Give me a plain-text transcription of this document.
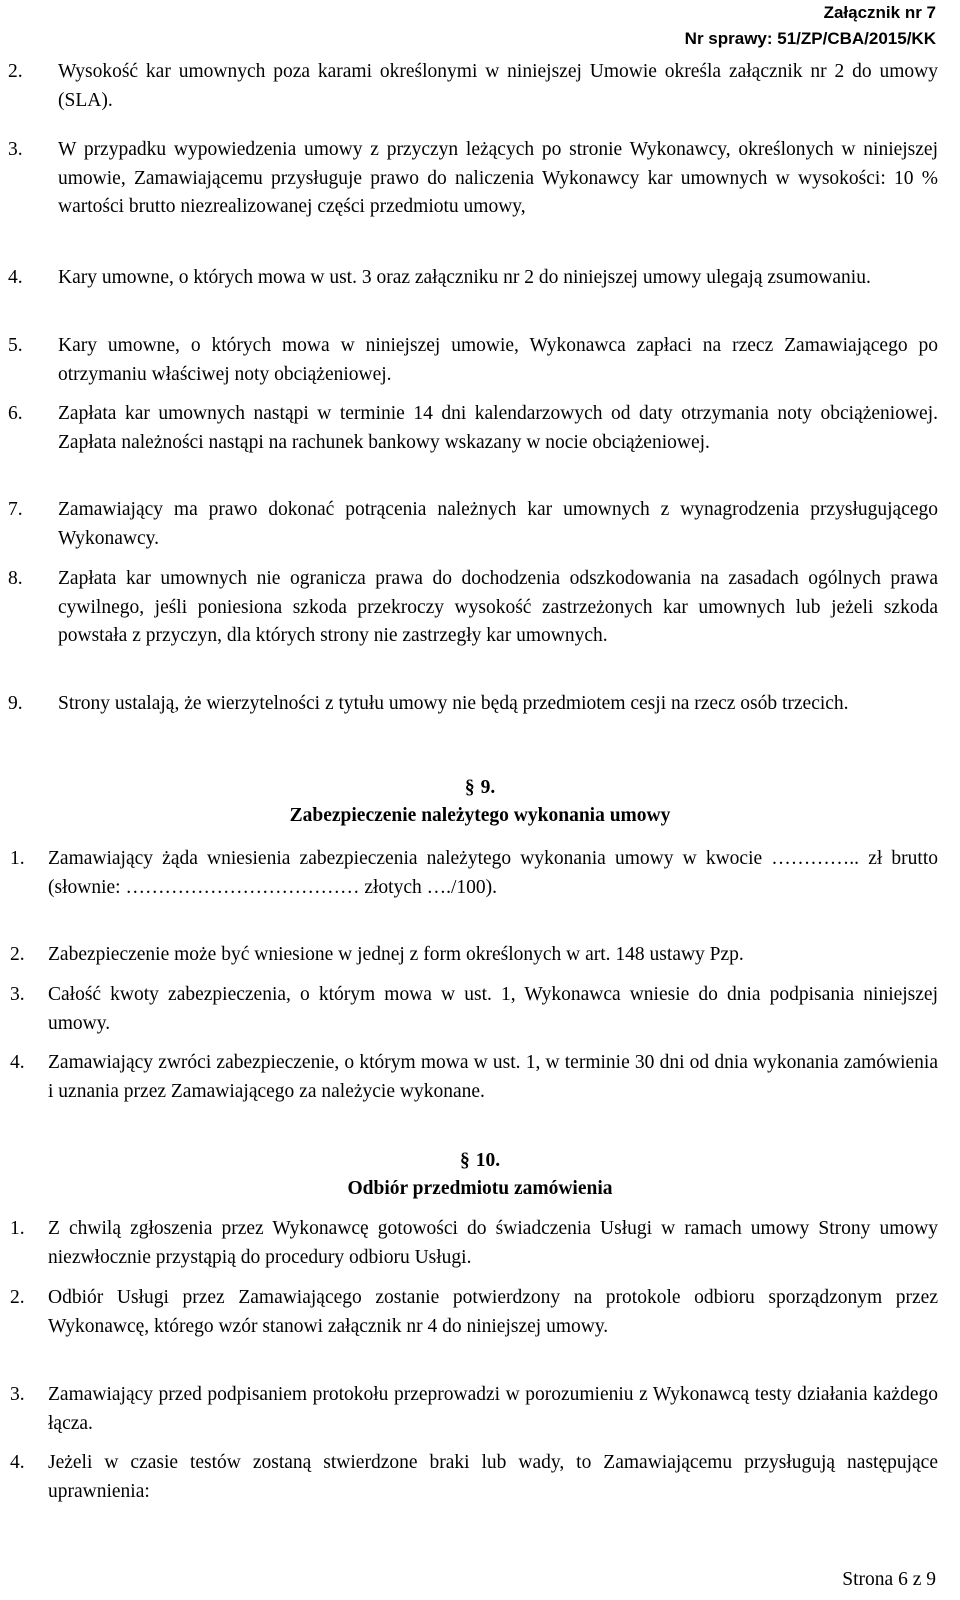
Załącznik nr 7
Nr sprawy: 51/ZP/CBA/2015/KK
2. Wysokość kar umownych poza karami określonymi w niniejszej Umowie określa załącznik nr 2 do umowy (SLA).
3. W przypadku wypowiedzenia umowy z przyczyn leżących po stronie Wykonawcy, określonych w niniejszej umowie, Zamawiającemu przysługuje prawo do naliczenia Wykonawcy kar umownych w wysokości: 10 % wartości brutto niezrealizowanej części przedmiotu umowy,
4. Kary umowne, o których mowa w ust. 3 oraz załączniku nr 2 do niniejszej umowy ulegają zsumowaniu.
5. Kary umowne, o których mowa w niniejszej umowie, Wykonawca zapłaci na rzecz Zamawiającego po otrzymaniu właściwej noty obciążeniowej.
6. Zapłata kar umownych nastąpi w terminie 14 dni kalendarzowych od daty otrzymania noty obciążeniowej. Zapłata należności nastąpi na rachunek bankowy wskazany w nocie obciążeniowej.
7. Zamawiający ma prawo dokonać potrącenia należnych kar umownych z wynagrodzenia przysługującego Wykonawcy.
8. Zapłata kar umownych nie ogranicza prawa do dochodzenia odszkodowania na zasadach ogólnych prawa cywilnego, jeśli poniesiona szkoda przekroczy wysokość zastrzeżonych kar umownych lub jeżeli szkoda powstała z przyczyn, dla których strony nie zastrzegły kar umownych.
9. Strony ustalają, że wierzytelności z tytułu umowy nie będą przedmiotem cesji na rzecz osób trzecich.
§ 9.
Zabezpieczenie należytego wykonania umowy
1. Zamawiający żąda wniesienia zabezpieczenia należytego wykonania umowy w kwocie ………….. zł brutto (słownie: ……………………………… złotych …./100).
2. Zabezpieczenie może być wniesione w jednej z form określonych w art. 148 ustawy Pzp.
3. Całość kwoty zabezpieczenia, o którym mowa w ust. 1, Wykonawca wniesie do dnia podpisania niniejszej umowy.
4. Zamawiający zwróci zabezpieczenie, o którym mowa w ust. 1, w terminie 30 dni od dnia wykonania zamówienia i uznania przez Zamawiającego za należycie wykonane.
§ 10.
Odbiór przedmiotu zamówienia
1. Z chwilą zgłoszenia przez Wykonawcę gotowości do świadczenia Usługi w ramach umowy Strony umowy niezwłocznie przystąpią do procedury odbioru Usługi.
2. Odbiór Usługi przez Zamawiającego zostanie potwierdzony na protokole odbioru sporządzonym przez Wykonawcę, którego wzór stanowi załącznik nr 4 do niniejszej umowy.
3. Zamawiający przed podpisaniem protokołu przeprowadzi w porozumieniu z Wykonawcą testy działania każdego łącza.
4. Jeżeli w czasie testów zostaną stwierdzone braki lub wady, to Zamawiającemu przysługują następujące uprawnienia:
Strona 6 z 9
